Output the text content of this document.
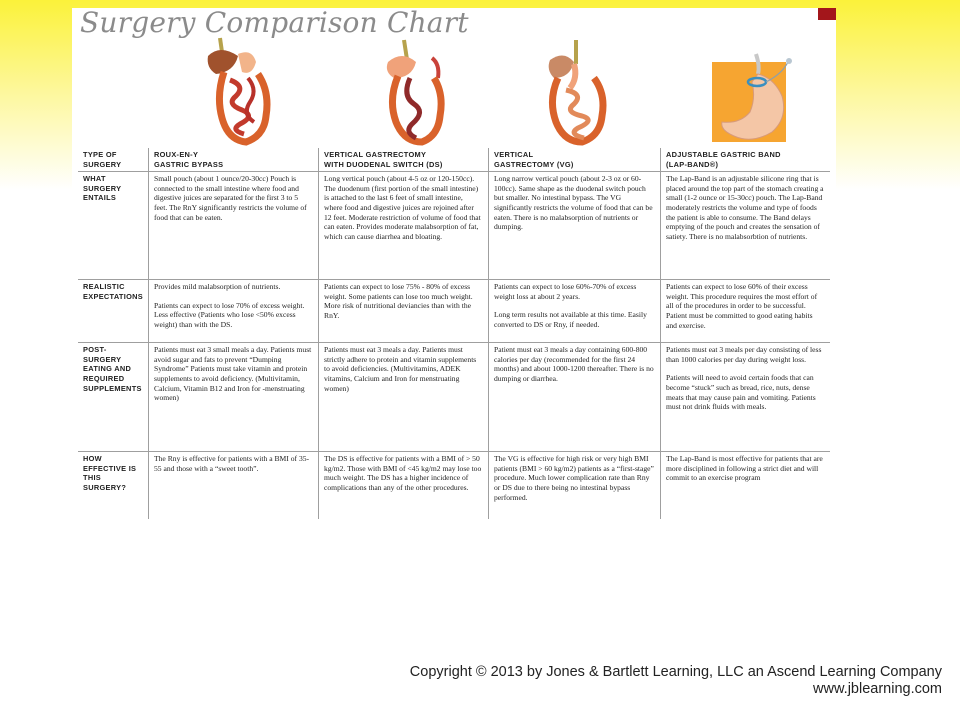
Surgery Comparison Chart
TYPE OF
SURGERY
ROUX-EN-Y
GASTRIC BYPASS
VERTICAL GASTRECTOMY
WITH DUODENAL SWITCH (DS)
VERTICAL
GASTRECTOMY (VG)
ADJUSTABLE GASTRIC BAND
(LAP-BAND®)
WHAT SURGERY
ENTAILS
Small pouch (about 1 ounce/20-30cc) Pouch is connected to the small intestine where food and digestive juices are separated for the first 3 to 5 feet. The RnY significantly restricts the volume of food that can be eaten.
Long vertical pouch (about 4-5 oz or 120-150cc). The duodenum (first portion of the small intestine) is attached to the last 6 feet of small intestine, where food and digestive juices are rejoined after 12 feet. Moderate restriction of volume of food that can eaten. Provides moderate malabsorption of fat, which can cause diarrhea and bloating.
Long narrow vertical pouch (about 2-3 oz or 60-100cc). Same shape as the duodenal switch pouch but smaller. No intestinal bypass. The VG significantly restricts the volume of food that can be eaten. There is no malabsorption of nutrients or dumping.
The Lap-Band is an adjustable silicone ring that is placed around the top part of the stomach creating a small (1-2 ounce or 15-30cc) pouch. The Lap-Band moderately restricts the volume and type of foods the patient is able to consume. The Band delays emptying of the pouch and creates the sensation of satiety. There is no malabsorbtion of nutrients.
REALISTIC
EXPECTATIONS
Provides mild malabsorption of nutrients.
Patients can expect to lose 70% of excess weight. Less effective (Patients who lose <50% excess weight) than with the DS.
Patients can expect to lose 75% - 80% of excess weight. Some patients can lose too much weight. More risk of nutritional deviancies than with the RnY.
Patients can expect to lose 60%-70% of excess weight loss at about 2 years.
Long term results not available at this time. Easily converted to DS or Rny, if needed.
Patients can expect to lose 60% of their excess weight. This procedure requires the most effort of all of the procedures in order to be successful. Patient must be committed to good eating habits and exercise.
POST-SURGERY
EATING AND
REQUIRED
SUPPLEMENTS
Patients must eat 3 small meals a day. Patients must avoid sugar and fats to prevent “Dumping Syndrome” Patients must take vitamin and protein supplements to avoid deficiency. (Multivitamin, Calcium, Vitamin B12 and Iron for -menstruating women)
Patients must eat 3 meals a day. Patients must strictly adhere to protein and vitamin supplements to avoid deficiencies. (Multivitamins, ADEK vitamins, Calcium and Iron for menstruating women)
Patient must eat 3 meals a day containing 600-800 calories per day (recommended for the first 24 months) and about 1000-1200 thereafter. There is no dumping or diarrhea.
Patients must eat 3 meals per day consisting of less than 1000 calories per day during weight loss.
Patients will need to avoid certain foods that can become “stuck” such as bread, rice, nuts, dense meats that may cause pain and vomiting. Patients must not drink fluids with meals.
HOW EFFECTIVE IS
THIS SURGERY?
The Rny is effective for patients with a BMI of 35-55 and those with a “sweet tooth”.
The DS is effective for patients with a BMI of > 50 kg/m2. Those with BMI of <45 kg/m2 may lose too much weight. The DS has a higher incidence of complications than any of the other procedures.
The VG is effective for high risk or very high BMI patients (BMI > 60 kg/m2) patients as a “first-stage” procedure. Much lower complication rate than Rny or DS due to there being no intestinal bypass performed.
The Lap-Band is most effective for patients that are more disciplined in following a strict diet and will commit to an exercise program
Copyright © 2013 by Jones & Bartlett Learning, LLC an Ascend Learning Company
www.jblearning.com
